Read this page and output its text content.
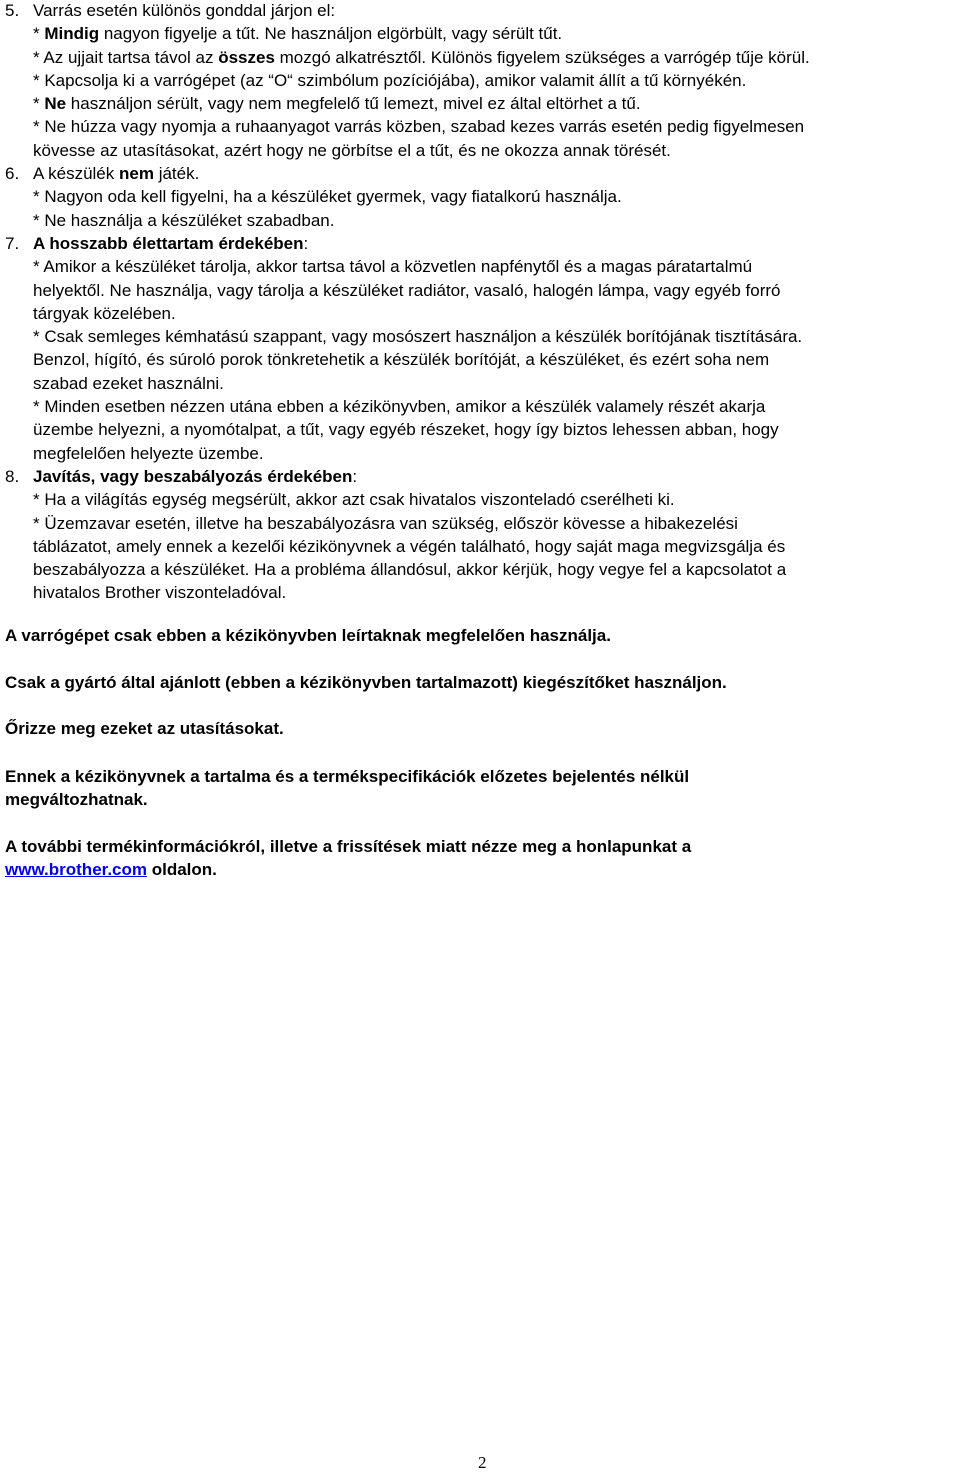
5. Varrás esetén különös gonddal járjon el:
* Mindig nagyon figyelje a tűt. Ne használjon elgörbült, vagy sérült tűt.
* Az ujjait tartsa távol az összes mozgó alkatrésztől. Különös figyelem szükséges a varrógép tűje körül.
* Kapcsolja ki a varrógépet (az “O“ szimbólum pozíciójába), amikor valamit állít a tű környékén.
* Ne használjon sérült, vagy nem megfelelő tű lemezt, mivel ez által eltörhet a tű.
* Ne húzza vagy nyomja a ruhaanyagot varrás közben, szabad kezes varrás esetén pedig figyelmesen
kövesse az utasításokat, azért hogy ne görbítse el a tűt, és ne okozza annak törését.
6. A készülék nem játék.
* Nagyon oda kell figyelni, ha a készüléket gyermek, vagy fiatalkorú használja.
* Ne használja a készüléket szabadban.
7. A hosszabb élettartam érdekében:
* Amikor a készüléket tárolja, akkor tartsa távol a közvetlen napfénytől és a magas páratartalmú
helyektől. Ne használja, vagy tárolja a készüléket radiátor, vasaló, halogén lámpa, vagy egyéb forró
tárgyak közelében.
* Csak semleges kémhatású szappant, vagy mosószert használjon a készülék borítójának tisztítására.
Benzol, hígító, és súroló porok tönkretehetik a készülék borítóját, a készüléket, és ezért soha nem
szabad ezeket használni.
* Minden esetben nézzen utána ebben a kézikönyvben, amikor a készülék valamely részét akarja
üzembe helyezni, a nyomótalpat, a tűt, vagy egyéb részeket, hogy így biztos lehessen abban, hogy
megfelelően helyezte üzembe.
8. Javítás, vagy beszabályozás érdekében:
* Ha a világítás egység megsérült, akkor azt csak hivatalos viszonteladó cserélheti ki.
* Üzemzavar esetén, illetve ha beszabályozásra van szükség, először kövesse a hibakezelési
táblázatot, amely ennek a kezelői kézikönyvnek a végén található, hogy saját maga megvizsgálja és
beszabályozza a készüléket. Ha a probléma állandósul, akkor kérjük, hogy vegye fel a kapcsolatot a
hivatalos Brother viszonteladóval.
A varrógépet csak ebben a kézikönyvben leírtaknak megfelelően használja.
Csak a gyártó által ajánlott (ebben a kézikönyvben tartalmazott) kiegészítőket használjon.
Őrizze meg ezeket az utasításokat.
Ennek a kézikönyvnek a tartalma és a termékspecifikációk előzetes bejelentés nélkül
megváltozhatnak.
A további termékinformációkról, illetve a frissítések miatt nézze meg a honlapunkat a
www.brother.com oldalon.
2
